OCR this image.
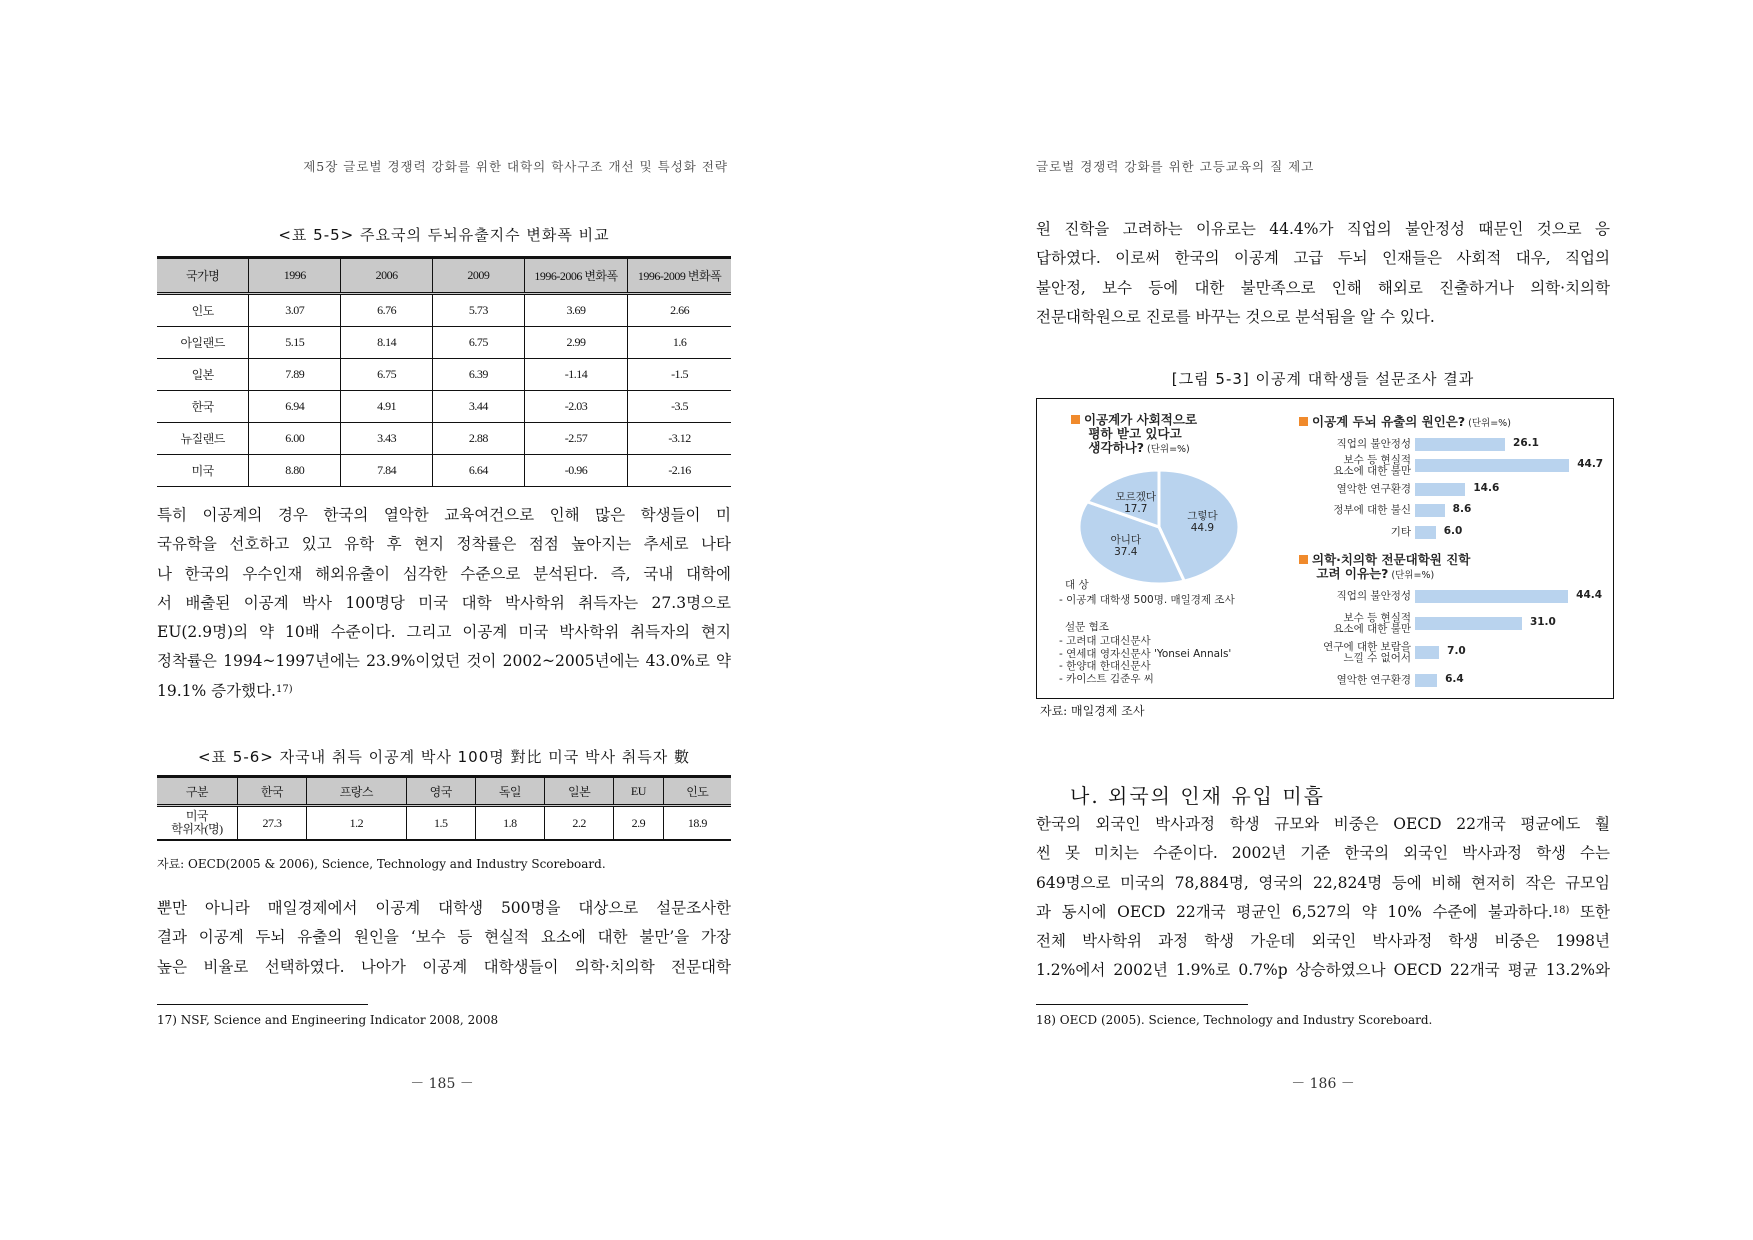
제5장 글로벌 경쟁력 강화를 위한 대학의 학사구조 개선 및 특성화 전략
<표 5-5> 주요국의 두뇌유출지수 변화폭 비교
국가명	1996	2006	2009	1996-2006 변화폭	1996-2009 변화폭
인도	3.07	6.76	5.73	3.69	2.66
아일랜드	5.15	8.14	6.75	2.99	1.6
일본	7.89	6.75	6.39	-1.14	-1.5
한국	6.94	4.91	3.44	-2.03	-3.5
뉴질랜드	6.00	3.43	2.88	-2.57	-3.12
미국	8.80	7.84	6.64	-0.96	-2.16
특히 이공계의 경우 한국의 열악한 교육여건으로 인해 많은 학생들이 미
국유학을 선호하고 있고 유학 후 현지 정착률은 점점 높아지는 추세로 나타
나 한국의 우수인재 해외유출이 심각한 수준으로 분석된다. 즉, 국내 대학에
서 배출된 이공계 박사 100명당 미국 대학 박사학위 취득자는 27.3명으로
EU(2.9명)의 약 10배 수준이다. 그리고 이공계 미국 박사학위 취득자의 현지
정착률은 1994~1997년에는 23.9%이었던 것이 2002~2005년에는 43.0%로 약
19.1% 증가했다.$^{17)}$
<표 5-6> 자국내 취득 이공계 박사 100명 對比 미국 박사 취득자 數
구분	한국	프랑스	영국	독일	일본	EU	인도
미국
학위자(명)	27.3	1.2	1.5	1.8	2.2	2.9	18.9
자료: OECD(2005 & 2006), Science, Technology and Industry Scoreboard.
뿐만 아니라 매일경제에서 이공계 대학생 500명을 대상으로 설문조사한
결과 이공계 두뇌 유출의 원인을 ‘보수 등 현실적 요소에 대한 불만’을 가장
높은 비율로 선택하였다. 나아가 이공계 대학생들이 의학·치의학 전문대학
17) NSF, Science and Engineering Indicator 2008, 2008
－ 185 －
글로벌 경쟁력 강화를 위한 고등교육의 질 제고
원 진학을 고려하는 이유로는 44.4%가 직업의 불안정성 때문인 것으로 응
답하였다. 이로써 한국의 이공계 고급 두뇌 인재들은 사회적 대우, 직업의
불안정, 보수 등에 대한 불만족으로 인해 해외로 진출하거나 의학·치의학
전문대학원으로 진로를 바꾸는 것으로 분석됨을 알 수 있다.
[그림 5-3] 이공계 대학생들 설문조사 결과
이공계가 사회적으로
평하 받고 있다고
생각하나? (단위=%)
대 상
- 이공계 대학생 500명. 매일경제 조사
설문 협조
- 고려대 고대신문사
- 연세대 영자신문사 'Yonsei Annals'
- 한양대 한대신문사
- 카이스트 김준우 씨
이공계 두뇌 유출의 원인은? (단위=%)
직업의 불안정성	26.1
보수 등 현실적
요소에 대한 불만
44.7
열악한 연구환경	14.6
정부에 대한 불신	8.6
기타	6.0
의학·치의학 전문대학원 진학
고려 이유는? (단위=%)
직업의 불안정성	44.4
보수 등 현실적
요소에 대한 불만
31.0
연구에 대한 보람을
느낄 수 없어서
7.0
열악한 연구환경	6.4
그렇다
44.9
아니다
37.4
모르겠다
17.7
자료: 매일경제 조사
나. 외국의 인재 유입 미흡
한국의 외국인 박사과정 학생 규모와 비중은 OECD 22개국 평균에도 훨
씬 못 미치는 수준이다. 2002년 기준 한국의 외국인 박사과정 학생 수는
649명으로 미국의 78,884명, 영국의 22,824명 등에 비해 현저히 작은 규모임
과 동시에 OECD 22개국 평균인 6,527의 약 10% 수준에 불과하다.$^{18)}$ 또한
전체 박사학위 과정 학생 가운데 외국인 박사과정 학생 비중은 1998년
1.2%에서 2002년 1.9%로 0.7%p 상승하였으나 OECD 22개국 평균 13.2%와
18) OECD (2005). Science, Technology and Industry Scoreboard.
－ 186 －
